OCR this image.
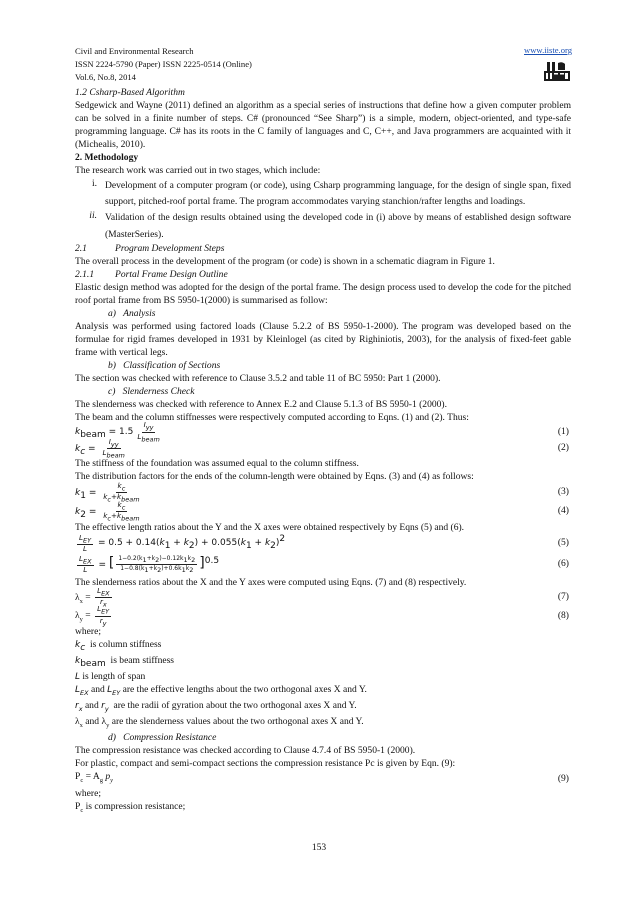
Civil and Environmental Research
ISSN 2224-5790 (Paper) ISSN 2225-0514 (Online)
Vol.6, No.8, 2014
www.iiste.org

1.2 Csharp-Based Algorithm

Sedgewick and Wayne (2011) defined an algorithm as a special series of instructions that define how a given computer problem can be solved in a finite number of steps. C# (pronounced “See Sharp”) is a simple, modern, object-oriented, and type-safe programming language. C# has its roots in the C family of languages and C, C++, and Java programmers are acquainted with it (Michealis, 2010).

2. Methodology

The research work was carried out in two stages, which include:

i. Development of a computer program (or code), using Csharp programming language, for the design of single span, fixed support, pitched-roof portal frame. The program accommodates varying stanchion/rafter lengths and loadings.
ii. Validation of the design results obtained using the developed code in (i) above by means of established design software (MasterSeries).
2.1	Program Development Steps

The overall process in the development of the program (or code) is shown in a schematic diagram in Figure 1.

2.1.1	Portal Frame Design Outline

Elastic design method was adopted for the design of the portal frame. The design process used to develop the code for the pitched roof portal frame from BS 5950-1(2000) is summarised as follow:

a) Analysis

Analysis was performed using factored loads (Clause 5.2.2 of BS 5950-1-2000). The program was developed based on the formulae for rigid frames developed in 1931 by Kleinlogel (as cited by Righiniotis, 2003), for the analysis of fixed-feet gable frame with vertical legs.

b) Classification of Sections

The section was checked with reference to Clause 3.5.2 and table 11 of BC 5950: Part 1 (2000).

c) Slenderness Check

The slenderness was checked with reference to Annex E.2 and Clause 5.1.3 of BS 5950-1 (2000).

The beam and the column stiffnesses were respectively computed according to Eqns. (1) and (2). Thus:

$k_{beam} = 1.5 \frac{I_{yy}}{L_{beam}}$	(1)
$k_c = \frac{I_{yy}}{L_{beam}}$	(2)

The stiffness of the foundation was assumed equal to the column stiffness.

The distribution factors for the ends of the column-length were obtained by Eqns. (3) and (4) as follows:

$k_1 = \frac{k_c}{k_c+k_{beam}}$	(3)
$k_2 = \frac{k_c}{k_c+k_{beam}}$	(4)

The effective length ratios about the Y and the X axes were obtained respectively by Eqns (5) and (6).

$\frac{L_{EY}}{L} = 0.5 + 0.14(k_1 + k_2) + 0.055(k_1 + k_2)^2$	(5)
$\frac{L_{EX}}{L}$ = [ $\frac{1-0.2(k_1+k_2)-0.12k_1k_2}{1-0.8(k_1+k_2)+0.6k_1k_2} ]^{0.5}$	(6)

The slenderness ratios about the X and the Y axes were computed using Eqns. (7) and (8) respectively.

$\lambda_x = \frac{L_{EX}}{r_x}$	(7)
$\lambda_y = \frac{L_{EY}}{r_y}$	(8)

where;

$k_c$ is column stiffness

$k_{beam}$ is beam stiffness

L is length of span

$L_{EX}$ and $L_{EY}$ are the effective lengths about the two orthogonal axes X and Y.

$r_x$ and $r_y$ are the radii of gyration about the two orthogonal axes X and Y.

$\lambda_x$ and $\lambda_y$ are the slenderness values about the two orthogonal axes X and Y.

d) Compression Resistance

The compression resistance was checked according to Clause 4.7.4 of BS 5950-1 (2000).

For plastic, compact and semi-compact sections the compression resistance Pc is given by Eqn. (9):

$P_c = A_g$ $p_y$	(9)

where;

$P_c$ is compression resistance;

153
